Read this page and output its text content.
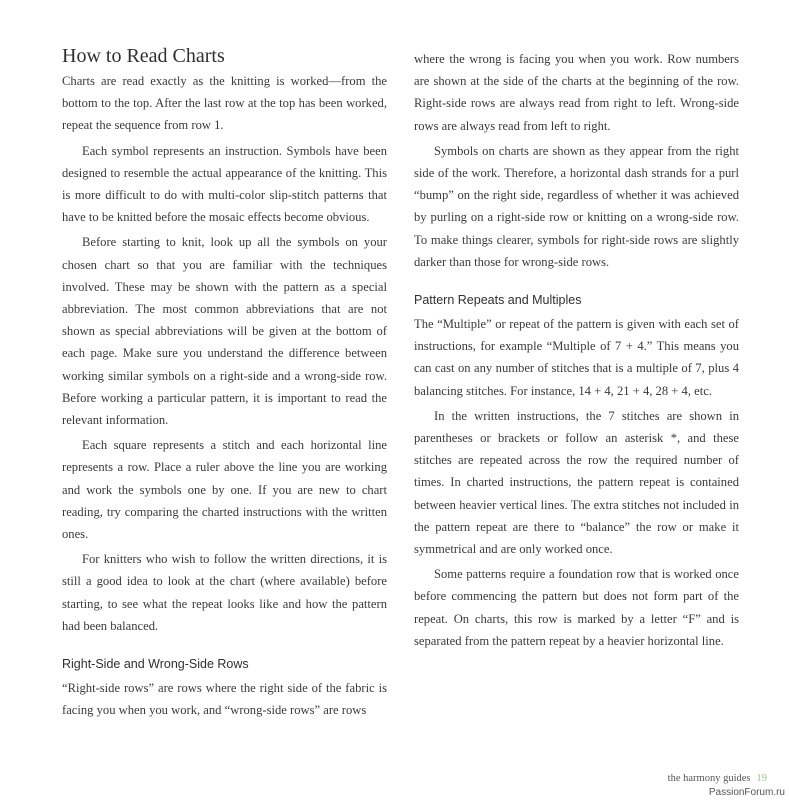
How to Read Charts

Charts are read exactly as the knitting is worked—from the bottom to the top. After the last row at the top has been worked, repeat the sequence from row 1.

Each symbol represents an instruction. Symbols have been designed to resemble the actual appearance of the knitting. This is more difficult to do with multi-color slip-stitch patterns that have to be knitted before the mosaic effects become obvious.

Before starting to knit, look up all the symbols on your chosen chart so that you are familiar with the techniques involved. These may be shown with the pattern as a special abbreviation. The most common abbreviations that are not shown as special abbreviations will be given at the bottom of each page. Make sure you understand the difference between working similar symbols on a right-side and a wrong-side row. Before working a particular pattern, it is important to read the relevant information.

Each square represents a stitch and each horizontal line represents a row. Place a ruler above the line you are working and work the symbols one by one. If you are new to chart reading, try comparing the charted instructions with the written ones.

For knitters who wish to follow the written directions, it is still a good idea to look at the chart (where available) before starting, to see what the repeat looks like and how the pattern had been balanced.

Right-Side and Wrong-Side Rows

“Right-side rows” are rows where the right side of the fabric is facing you when you work, and “wrong-side rows” are rows

where the wrong is facing you when you work. Row numbers are shown at the side of the charts at the beginning of the row. Right-side rows are always read from right to left. Wrong-side rows are always read from left to right.

Symbols on charts are shown as they appear from the right side of the work. Therefore, a horizontal dash strands for a purl “bump” on the right side, regardless of whether it was achieved by purling on a right-side row or knitting on a wrong-side row. To make things clearer, symbols for right-side rows are slightly darker than those for wrong-side rows.

Pattern Repeats and Multiples

The “Multiple” or repeat of the pattern is given with each set of instructions, for example “Multiple of 7 + 4.” This means you can cast on any number of stitches that is a multiple of 7, plus 4 balancing stitches. For instance, 14 + 4, 21 + 4, 28 + 4, etc.

In the written instructions, the 7 stitches are shown in parentheses or brackets or follow an asterisk *, and these stitches are repeated across the row the required number of times. In charted instructions, the pattern repeat is contained between heavier vertical lines. The extra stitches not included in the pattern repeat are there to “balance” the row or make it symmetrical and are only worked once.

Some patterns require a foundation row that is worked once before commencing the pattern but does not form part of the repeat. On charts, this row is marked by a letter “F” and is separated from the pattern repeat by a heavier horizontal line.

the harmony guides 19
PassionForum.ru
